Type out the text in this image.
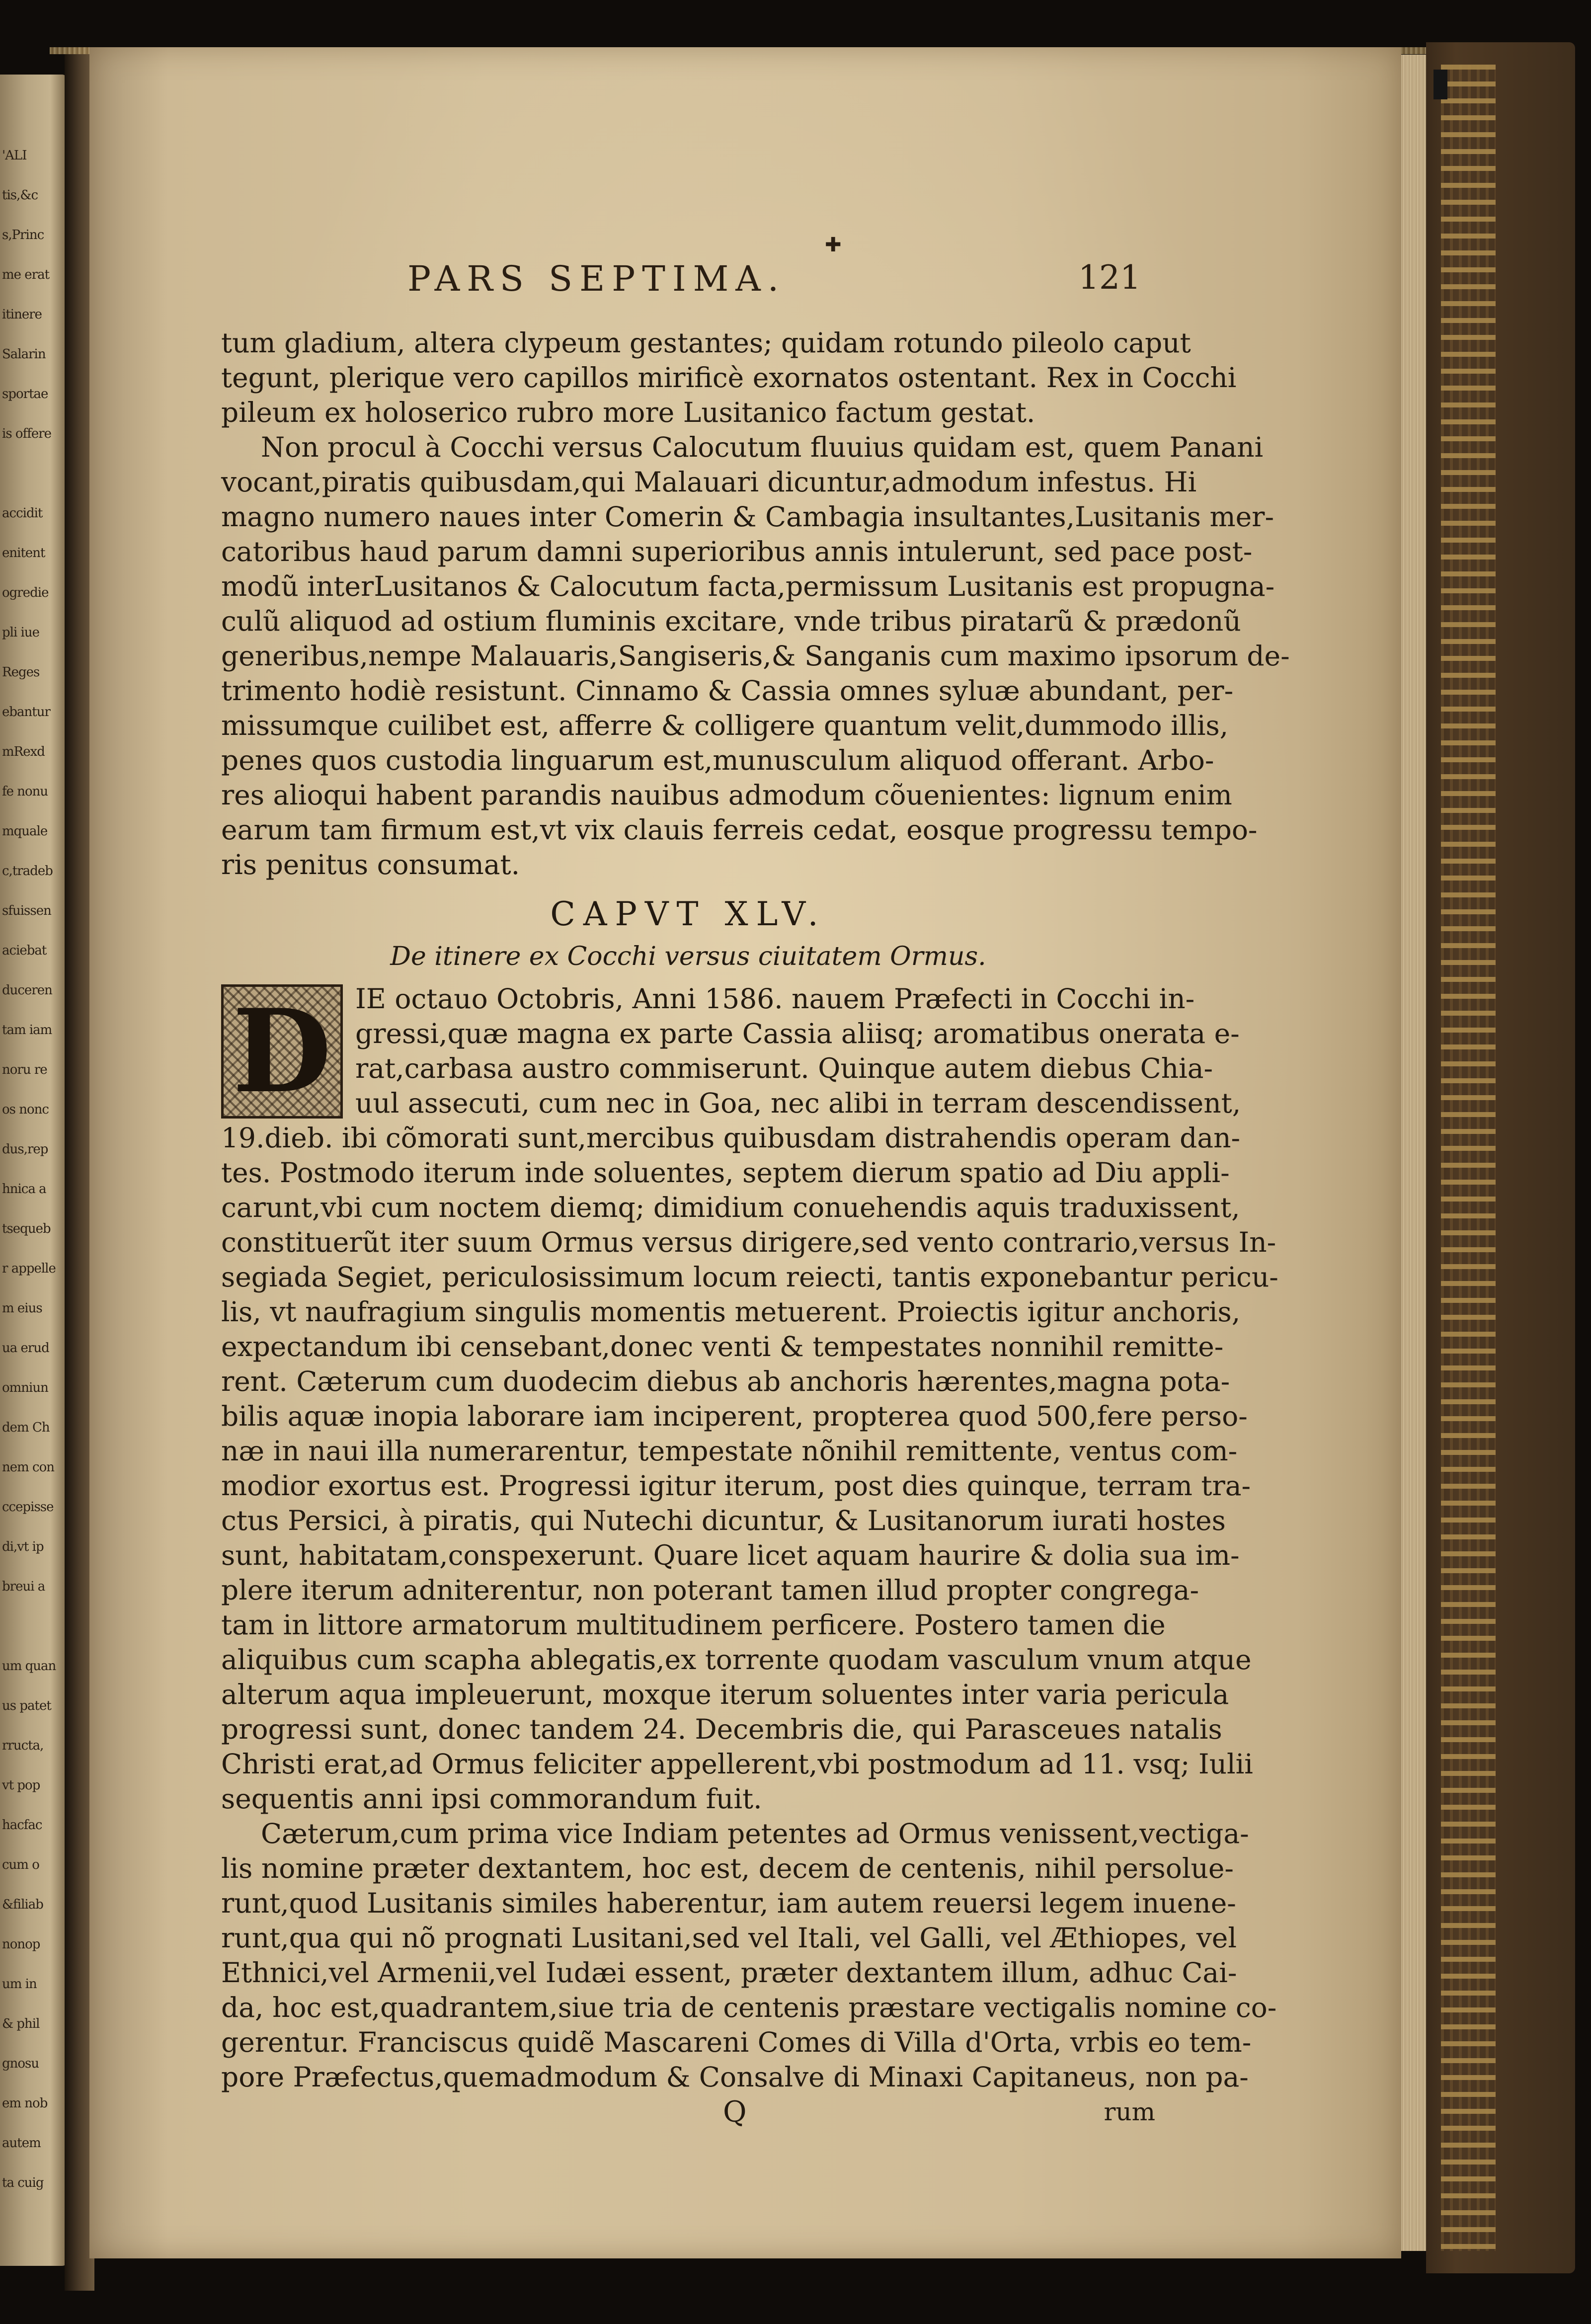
'ALI
tis,&c
s,Princ
me erat
itinere
Salarin
sportae
is offere
accidit
enitent
ogredie
pli iue
Reges
ebantur
mRexd
fe nonu
mquale
c,tradeb
sfuissen
aciebat
duceren
tam iam
noru re
os nonc
dus,rep
hnica a
tsequeb
r appelle
m eius
ua erud
omniun
dem Ch
nem con
ccepisse
di,vt ip
breui a
um quan
us patet
rructa,
vt pop
hacfac
cum o
&filiab
nonop
um in
& phil
gnosu
em nob
autem
ta cuig
✚
PARS SEPTIMA.	121
tum gladium, altera clypeum gestantes; quidam rotundo pileolo caput
tegunt, plerique vero capillos mirificè exornatos ostentant. Rex in Cocchi
pileum ex holoserico rubro more Lusitanico factum gestat.
Non procul à Cocchi versus Calocutum fluuius quidam est, quem Panani
vocant,piratis quibusdam,qui Malauari dicuntur,admodum infestus. Hi
magno numero naues inter Comerin & Cambagia insultantes,Lusitanis mer-
catoribus haud parum damni superioribus annis intulerunt, sed pace post-
modũ interLusitanos & Calocutum facta,permissum Lusitanis est propugna-
culũ aliquod ad ostium fluminis excitare, vnde tribus piratarũ & prædonũ
generibus,nempe Malauaris,Sangiseris,& Sanganis cum maximo ipsorum de-
trimento hodiè resistunt. Cinnamo & Cassia omnes syluæ abundant, per-
missumque cuilibet est, afferre & colligere quantum velit,dummodo illis,
penes quos custodia linguarum est,munusculum aliquod offerant. Arbo-
res alioqui habent parandis nauibus admodum cõuenientes: lignum enim
earum tam firmum est,vt vix clauis ferreis cedat, eosque progressu tempo-
ris penitus consumat.
CAPVT XLV.
De itinere ex Cocchi versus ciuitatem Ormus.
D IE octauo Octobris, Anni 1586. nauem Præfecti in Cocchi in-
gressi,quæ magna ex parte Cassia aliisq; aromatibus onerata e-
rat,carbasa austro commiserunt. Quinque autem diebus Chia-
uul assecuti, cum nec in Goa, nec alibi in terram descendissent,
19.dieb. ibi cõmorati sunt,mercibus quibusdam distrahendis operam dan-
tes. Postmodo iterum inde soluentes, septem dierum spatio ad Diu appli-
carunt,vbi cum noctem diemq; dimidium conuehendis aquis traduxissent,
constituerũt iter suum Ormus versus dirigere,sed vento contrario,versus In-
segiada Segiet, periculosissimum locum reiecti, tantis exponebantur pericu-
lis, vt naufragium singulis momentis metuerent. Proiectis igitur anchoris,
expectandum ibi censebant,donec venti & tempestates nonnihil remitte-
rent. Cæterum cum duodecim diebus ab anchoris hærentes,magna pota-
bilis aquæ inopia laborare iam inciperent, propterea quod 500,fere perso-
næ in naui illa numerarentur, tempestate nõnihil remittente, ventus com-
modior exortus est. Progressi igitur iterum, post dies quinque, terram tra-
ctus Persici, à piratis, qui Nutechi dicuntur, & Lusitanorum iurati hostes
sunt, habitatam,conspexerunt. Quare licet aquam haurire & dolia sua im-
plere iterum adniterentur, non poterant tamen illud propter congrega-
tam in littore armatorum multitudinem perficere. Postero tamen die
aliquibus cum scapha ablegatis,ex torrente quodam vasculum vnum atque
alterum aqua impleuerunt, moxque iterum soluentes inter varia pericula
progressi sunt, donec tandem 24. Decembris die, qui Parasceues natalis
Christi erat,ad Ormus feliciter appellerent,vbi postmodum ad 11. vsq; Iulii
sequentis anni ipsi commorandum fuit.
Cæterum,cum prima vice Indiam petentes ad Ormus venissent,vectiga-
lis nomine præter dextantem, hoc est, decem de centenis, nihil persolue-
runt,quod Lusitanis similes haberentur, iam autem reuersi legem inuene-
runt,qua qui nõ prognati Lusitani,sed vel Itali, vel Galli, vel Æthiopes, vel
Ethnici,vel Armenii,vel Iudæi essent, præter dextantem illum, adhuc Cai-
da, hoc est,quadrantem,siue tria de centenis præstare vectigalis nomine co-
gerentur. Franciscus quidẽ Mascareni Comes di Villa d'Orta, vrbis eo tem-
pore Præfectus,quemadmodum & Consalve di Minaxi Capitaneus, non pa-
Q	rum
